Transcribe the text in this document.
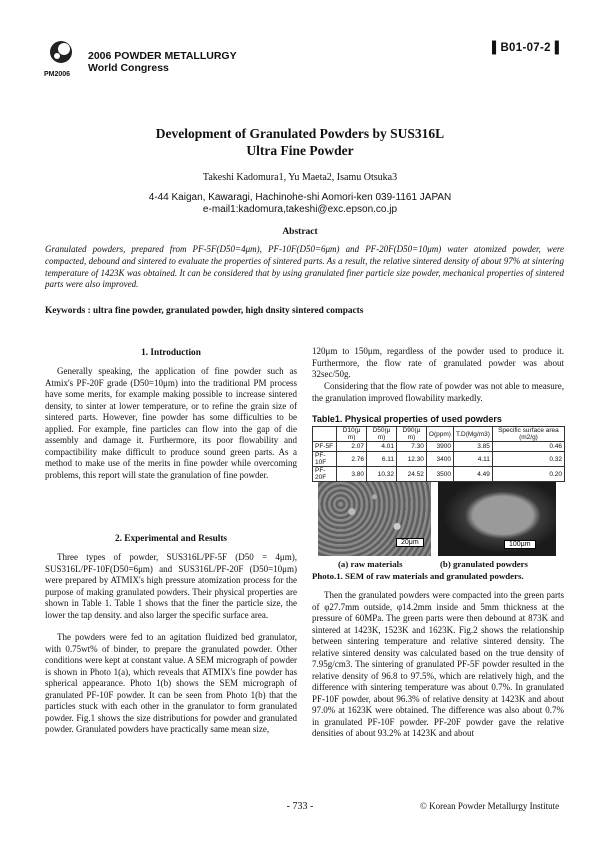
PM2006
2006 POWDER METALLURGY
World Congress
▌B01-07-2▐
Development of Granulated Powders by SUS316L
Ultra Fine Powder
Takeshi Kadomura1, Yu Maeta2, Isamu Otsuka3
4-44 Kaigan, Kawaragi, Hachinohe-shi Aomori-ken 039-1161 JAPAN
e-mail1:kadomura,takeshi@exc.epson.co.jp
Abstract
Granulated powders, prepared from PF-5F(D50=4μm), PF-10F(D50=6μm) and PF-20F(D50=10μm) water atomized powder, were compacted, debound and sintered to evaluate the properties of sintered parts. As a result, the relative sintered density of about 97% at sintering temperature of 1423K was obtained. It can be considered that by using granulated finer particle size powder, mechanical properties of sintered parts were also improved.
Keywords : ultra fine powder, granulated powder, high dnsity sintered compacts
1. Introduction
Generally speaking, the application of fine powder such as Atmix's PF-20F grade (D50=10μm) into the traditional PM process have some merits, for example making possible to increase sintered density, to sinter at lower temperature, or to refine the grain size of sintered parts. However, fine powder has some difficulties to be applied. For example, fine particles can flow into the gap of die assembly and damage it. Furthermore, its poor flowability and compactibility make difficult to produce sound green parts. As a method to make use of the merits in fine powder while overcoming problems, this report will state the granulation of fine powder.
2. Experimental and Results
Three types of powder, SUS316L/PF-5F (D50 = 4μm), SUS316L/PF-10F(D50=6μm) and SUS316L/PF-20F (D50=10μm) were prepared by ATMIX's high pressure atomization process for the purpose of making granulated powders. Their physical properties are shown in Table 1. Table 1 shows that the finer the particle size, the lower the tap density. and also larger the specific surface area.
The powders were fed to an agitation fluidized bed granulator, with 0.75wt% of binder, to prepare the granulated powder. Other conditions were kept at constant value. A SEM micrograph of powder is shown in Photo 1(a), which reveals that ATMIX's fine powder has spherical appearance. Photo 1(b) shows the SEM micrograph of granulated PF-10F powder. It can be seen from Photo 1(b) that the particles stuck with each other in the granulator to form granulated powder. Fig.1 shows the size distributions for powder and granulated powder. Granulated powders have practically same mean size,
120μm to 150μm, regardless of the powder used to produce it. Furthermore, the flow rate of granulated powder was about 32sec/50g.
Considering that the flow rate of powder was not able to measure, the granulation improved flowability markedly.
Table1. Physical properties of used powders
	D10(μ m)	D50(μ m)	D90(μ m)	O(ppm)	T.D(Mg/m3)	Specific surface area (m2/g)
PF-5F	2.07	4.01	7.30	3900	3.85	0.46
PF-10F	2.76	6.11	12.30	3400	4.11	0.32
PF-20F	3.80	10.32	24.52	3500	4.49	0.20
20μm	100μm
(a) raw materials	(b) granulated powders
Photo.1. SEM of raw materials and granulated powders.
Then the granulated powders were compacted into the green parts of φ27.7mm outside, φ14.2mm inside and 5mm thickness at the pressure of 60MPa. The green parts were then debound at 873K and sintered at 1423K, 1523K and 1623K. Fig.2 shows the relationship between sintering temperature and relative sintered density. The relative sintered density was calculated based on the true density of 7.95g/cm3. The sintering of granulated PF-5F powder resulted in the relative density of 96.8 to 97.5%, which are relatively high, and the difference with sintering temperature was about 0.7%. In granulated PF-10F powder, about 96.3% of relative density at 1423K and about 97.0% at 1623K were obtained. The difference was also about 0.7% in granulated PF-10F powder. PF-20F powder gave the relative densities of about 93.2% at 1423K and about
- 733 -	© Korean Powder Metallurgy Institute
